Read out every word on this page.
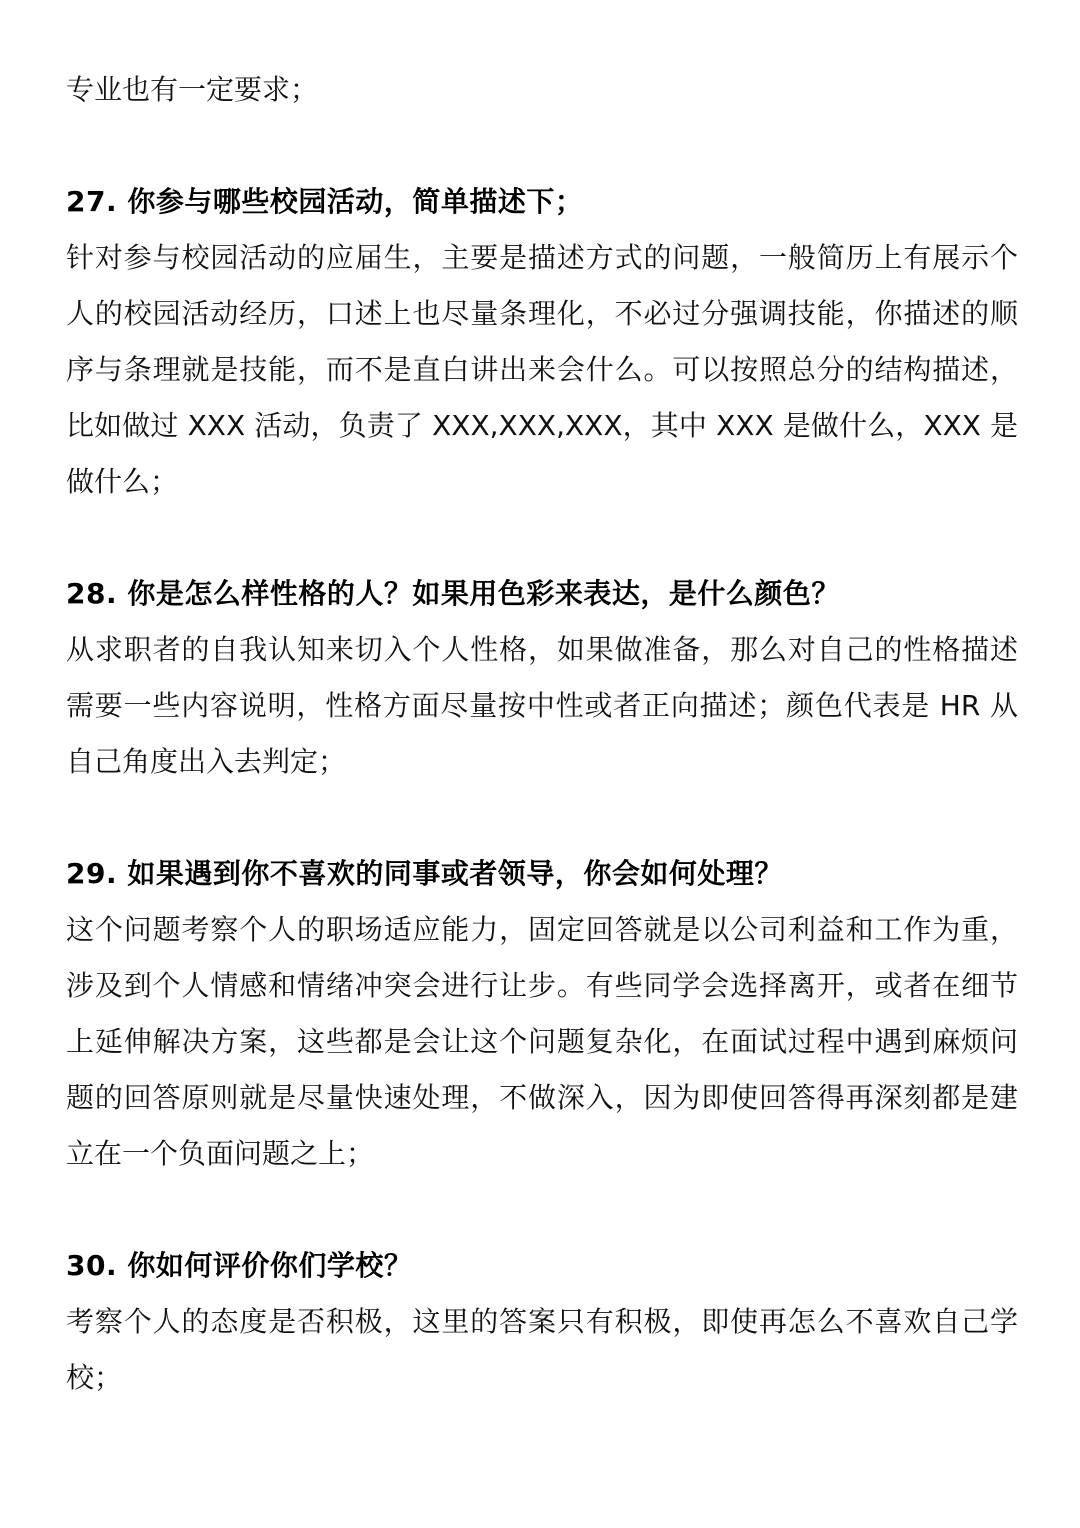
专业也有一定要求；

27. 你参与哪些校园活动，简单描述下；

针对参与校园活动的应届生，主要是描述方式的问题，一般简历上有展示个

人的校园活动经历，口述上也尽量条理化，不必过分强调技能，你描述的顺

序与条理就是技能，而不是直白讲出来会什么。可以按照总分的结构描述，

比如做过 XXX 活动，负责了 XXX,XXX,XXX，其中 XXX 是做什么，XXX 是

做什么；

28. 你是怎么样性格的人？如果用色彩来表达，是什么颜色？

从求职者的自我认知来切入个人性格，如果做准备，那么对自己的性格描述

需要一些内容说明，性格方面尽量按中性或者正向描述；颜色代表是 HR 从

自己角度出入去判定；

29. 如果遇到你不喜欢的同事或者领导，你会如何处理？

这个问题考察个人的职场适应能力，固定回答就是以公司利益和工作为重，

涉及到个人情感和情绪冲突会进行让步。有些同学会选择离开，或者在细节

上延伸解决方案，这些都是会让这个问题复杂化，在面试过程中遇到麻烦问

题的回答原则就是尽量快速处理，不做深入，因为即使回答得再深刻都是建

立在一个负面问题之上；

30. 你如何评价你们学校？

考察个人的态度是否积极，这里的答案只有积极，即使再怎么不喜欢自己学

校；
